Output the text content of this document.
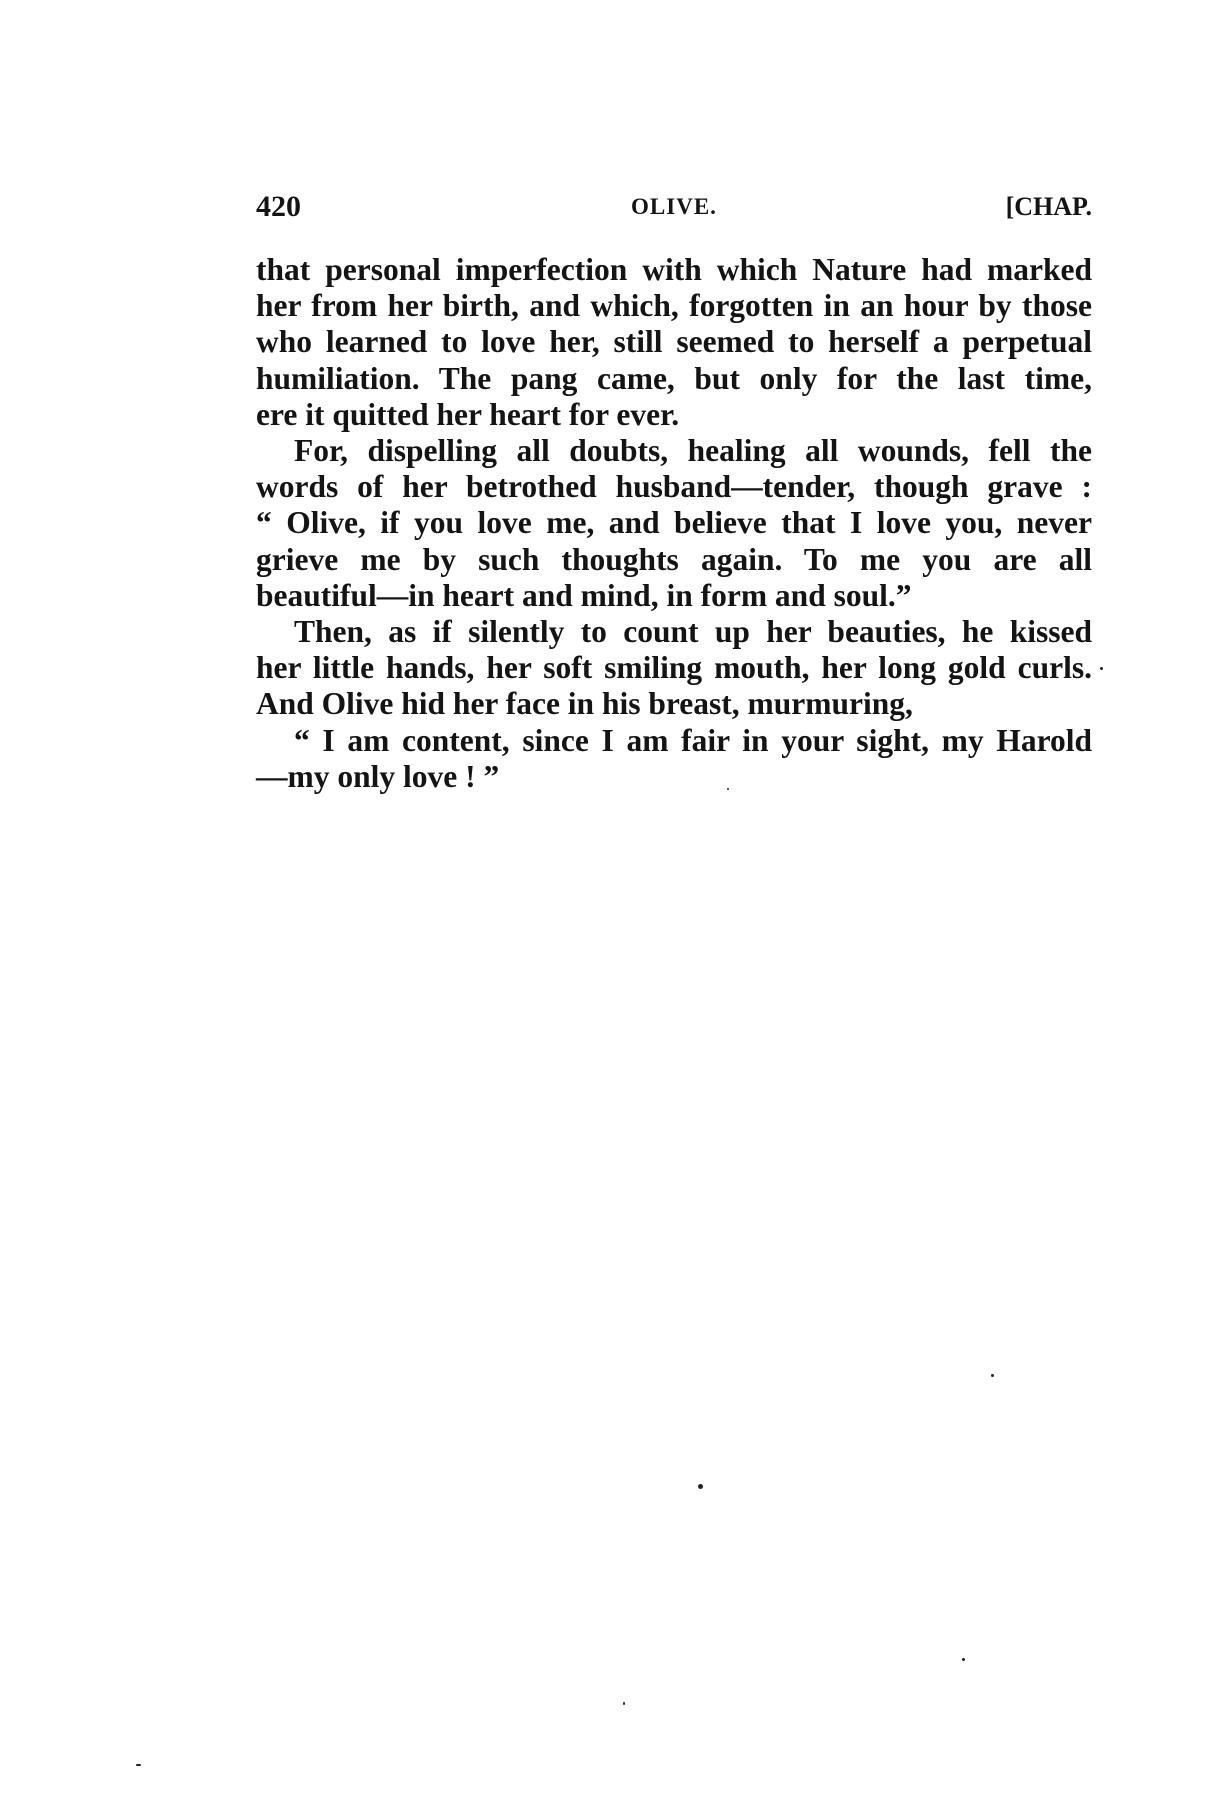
420	OLIVE.	[CHAP.
that personal imperfection with which Nature had marked
her from her birth, and which, forgotten in an hour by those
who learned to love her, still seemed to herself a perpetual
humiliation. The pang came, but only for the last time,
ere it quitted her heart for ever.
For, dispelling all doubts, healing all wounds, fell the
words of her betrothed husband—tender, though grave :
“ Olive, if you love me, and believe that I love you, never
grieve me by such thoughts again. To me you are all
beautiful—in heart and mind, in form and soul.”
Then, as if silently to count up her beauties, he kissed
her little hands, her soft smiling mouth, her long gold curls.
And Olive hid her face in his breast, murmuring,
“ I am content, since I am fair in your sight, my Harold
—my only love ! ”
